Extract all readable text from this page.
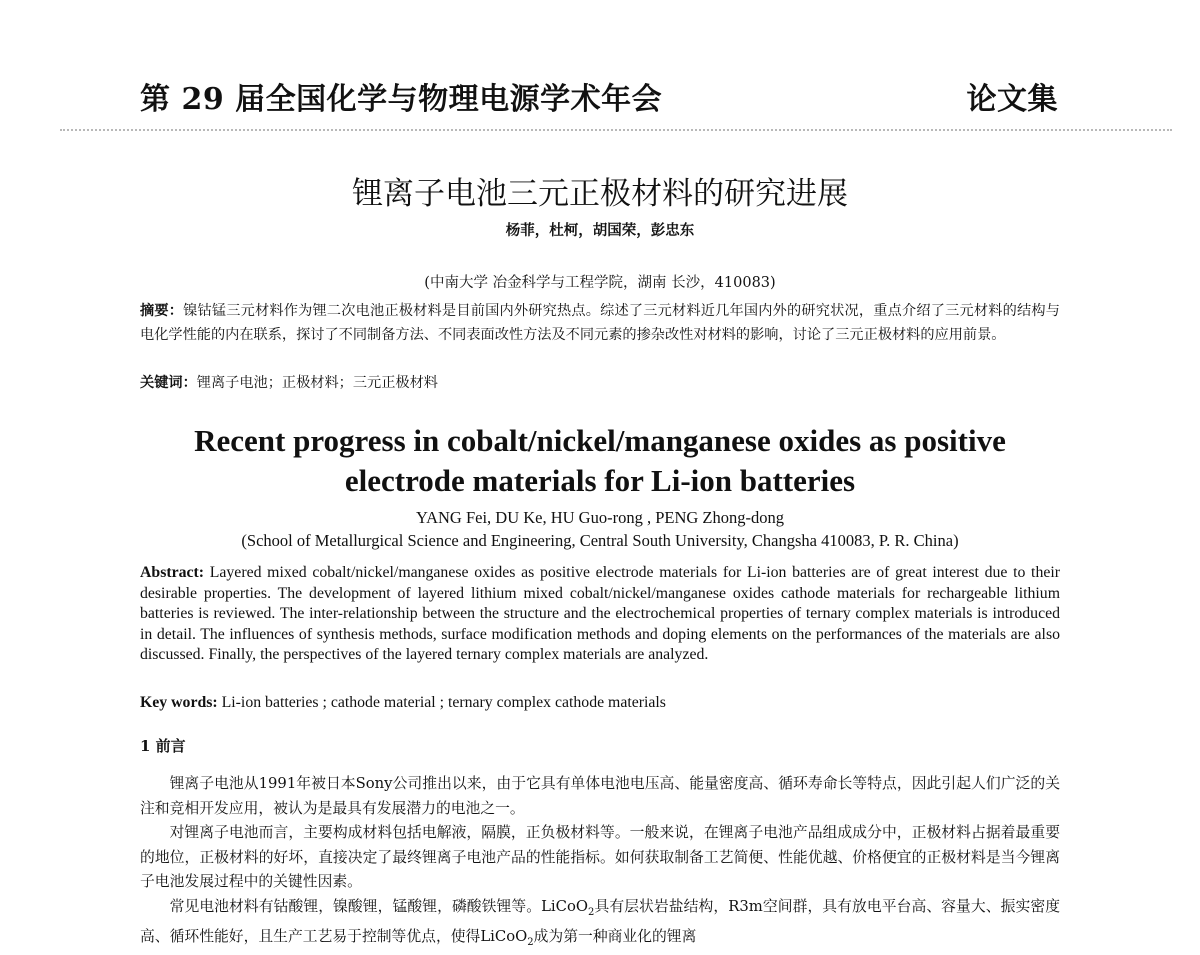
第 29 届全国化学与物理电源学术年会	论文集
锂离子电池三元正极材料的研究进展
杨菲，杜柯，胡国荣，彭忠东
(中南大学 冶金科学与工程学院，湖南 长沙，410083)
摘要：镍钴锰三元材料作为锂二次电池正极材料是目前国内外研究热点。综述了三元材料近几年国内外的研究状况，重点介绍了三元材料的结构与电化学性能的内在联系，探讨了不同制备方法、不同表面改性方法及不同元素的掺杂改性对材料的影响，讨论了三元正极材料的应用前景。
关键词：锂离子电池；正极材料；三元正极材料
Recent progress in cobalt/nickel/manganese oxides as positive
electrode materials for Li-ion batteries
YANG Fei, DU Ke, HU Guo-rong , PENG Zhong-dong
(School of Metallurgical Science and Engineering, Central South University, Changsha 410083, P. R. China)
Abstract: Layered mixed cobalt/nickel/manganese oxides as positive electrode materials for Li-ion batteries are of great interest due to their desirable properties. The development of layered lithium mixed cobalt/nickel/manganese oxides cathode materials for rechargeable lithium batteries is reviewed. The inter-relationship between the structure and the electrochemical properties of ternary complex materials is introduced in detail. The influences of synthesis methods, surface modification methods and doping elements on the performances of the materials are also discussed. Finally, the perspectives of the layered ternary complex materials are analyzed.
Key words: Li-ion batteries ; cathode material ; ternary complex cathode materials
1 前言

锂离子电池从1991年被日本Sony公司推出以来，由于它具有单体电池电压高、能量密度高、循环寿命长等特点，因此引起人们广泛的关注和竞相开发应用，被认为是最具有发展潜力的电池之一。

对锂离子电池而言，主要构成材料包括电解液，隔膜，正负极材料等。一般来说，在锂离子电池产品组成成分中，正极材料占据着最重要的地位，正极材料的好坏，直接决定了最终锂离子电池产品的性能指标。如何获取制备工艺简便、性能优越、价格便宜的正极材料是当今锂离子电池发展过程中的关键性因素。

常见电池材料有钴酸锂，镍酸锂，锰酸锂，磷酸铁锂等。LiCoO$_2$具有层状岩盐结构，R3m空间群，具有放电平台高、容量大、振实密度高、循环性能好，且生产工艺易于控制等优点，使得LiCoO$_2$成为第一种商业化的锂离
